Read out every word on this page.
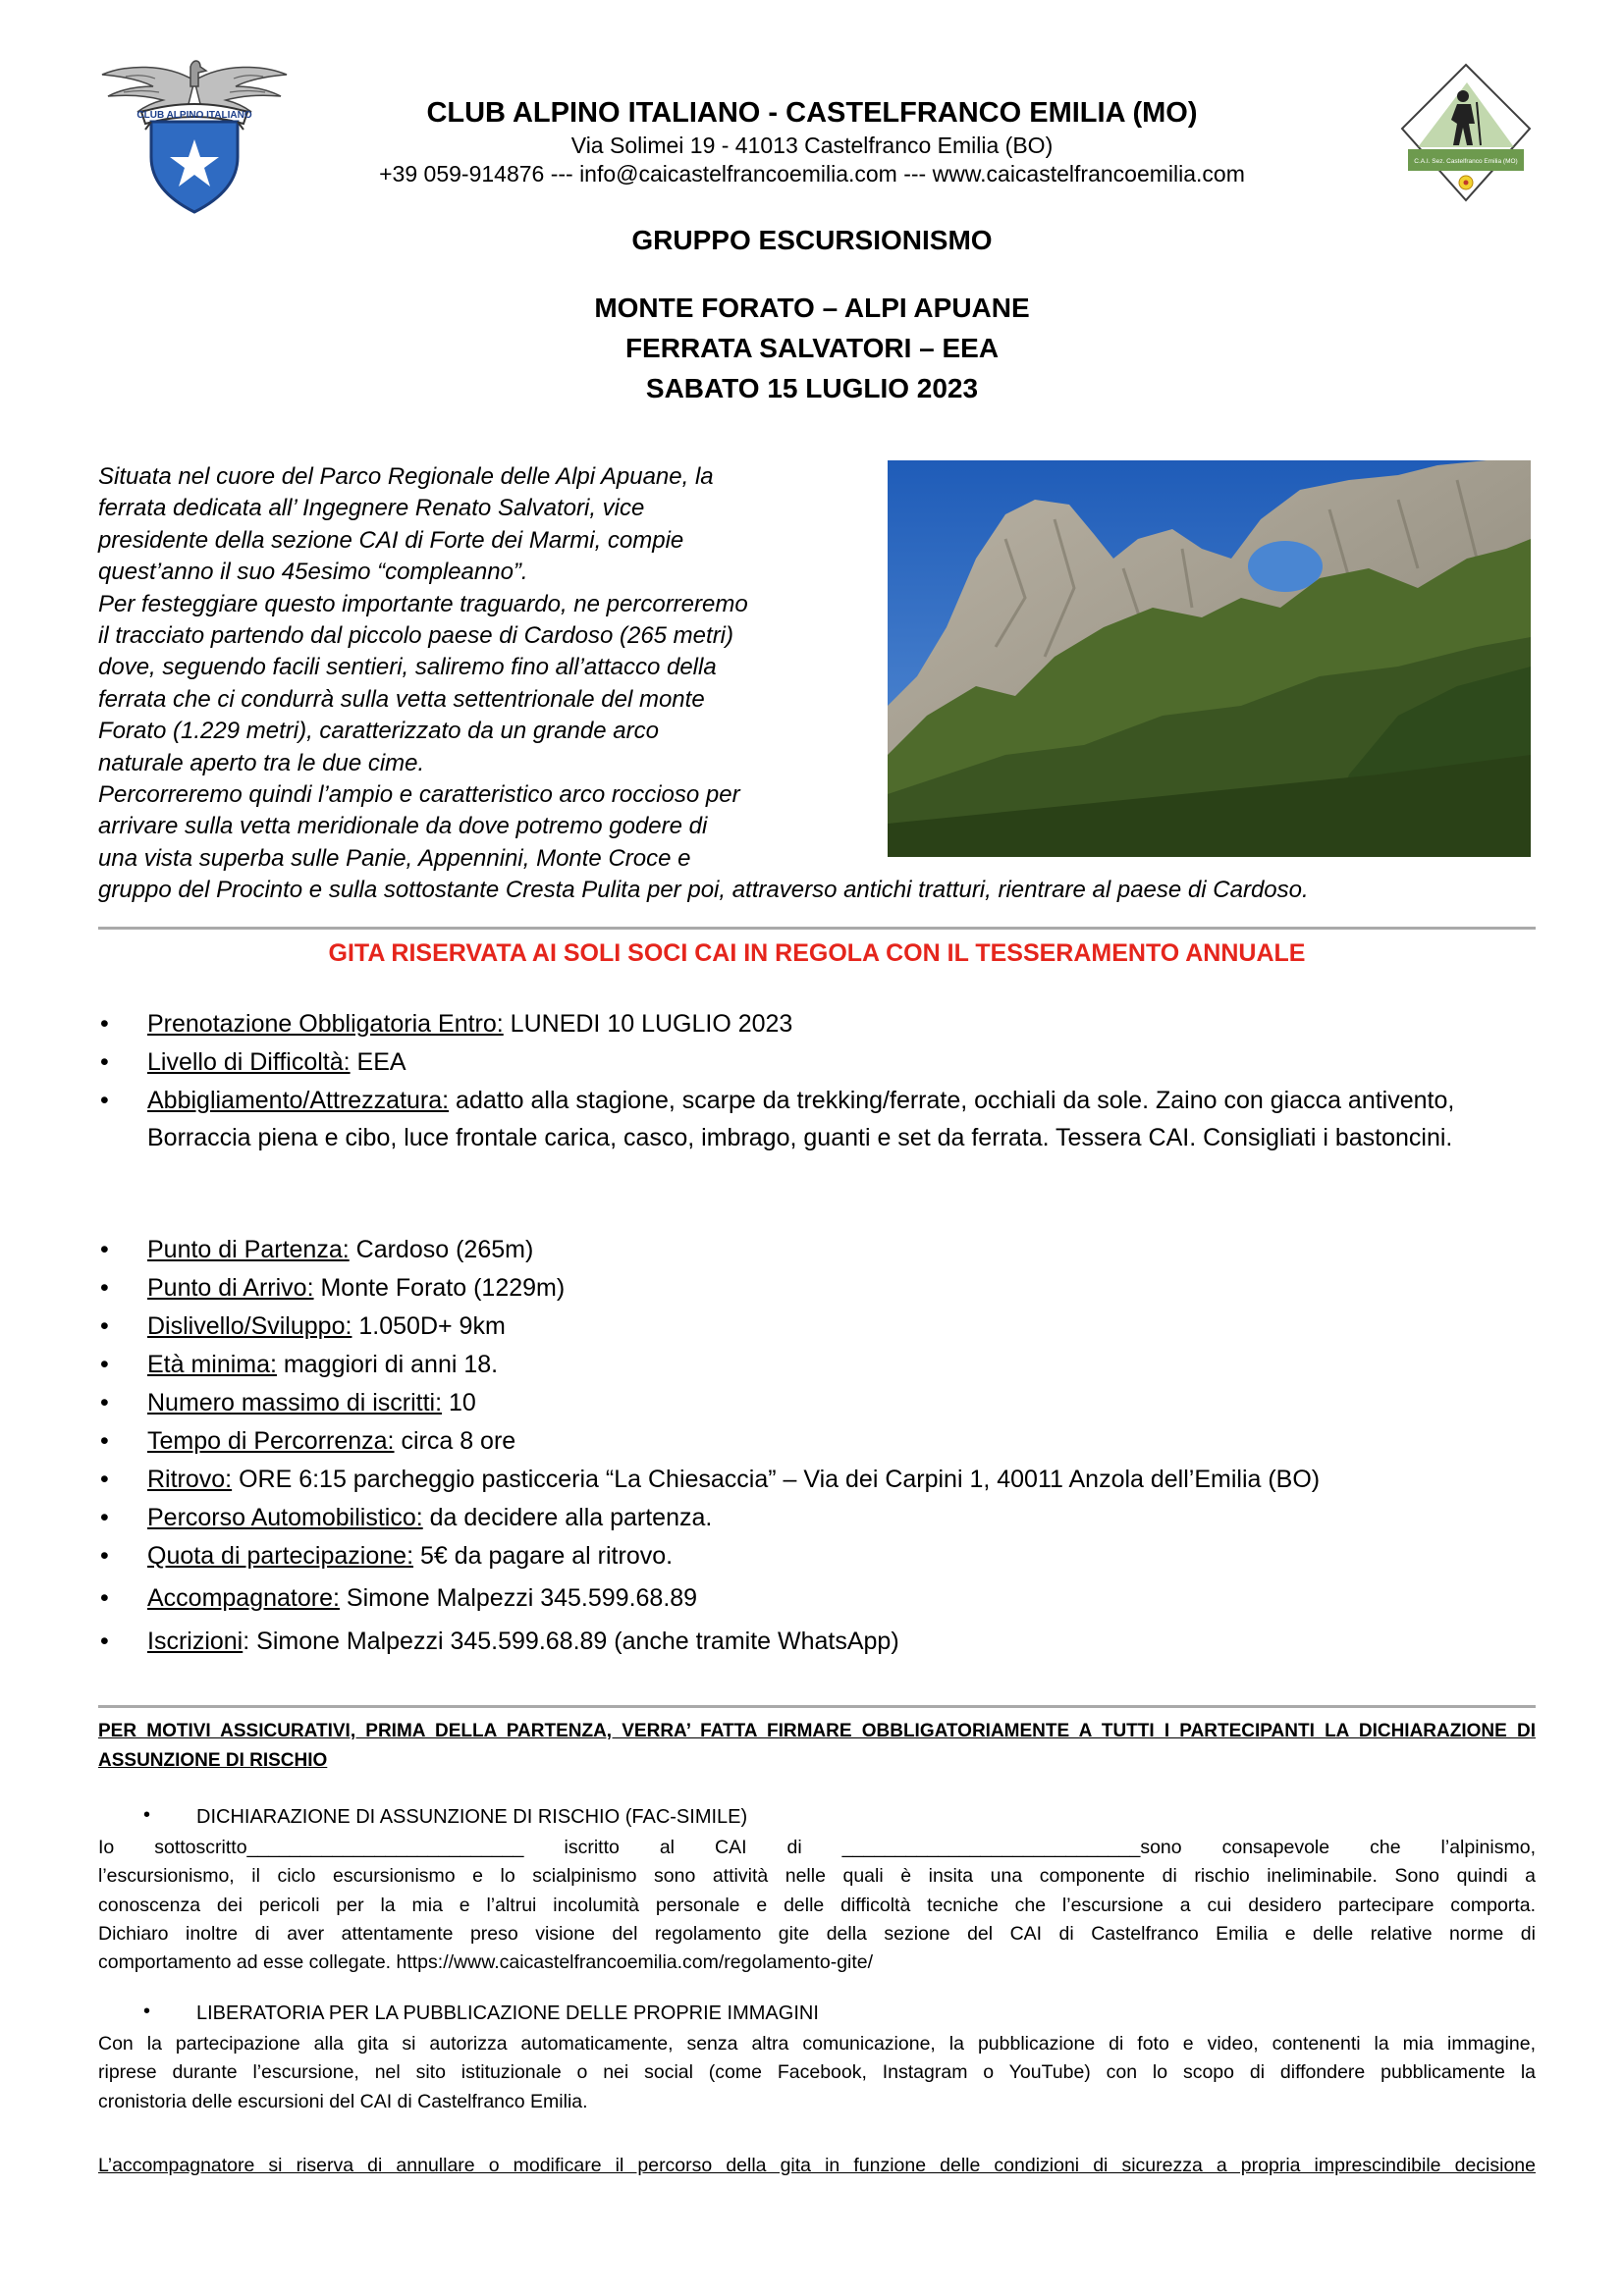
CLUB ALPINO ITALIANO	CLUB ALPINO ITALIANO - CASTELFRANCO EMILIA (MO)
Via Solimei 19 - 41013 Castelfranco Emilia (BO)
+39 059-914876 --- info@caicastelfrancoemilia.com --- www.caicastelfrancoemilia.com	C.A.I. Sez. Castelfranco Emilia (MO)
GRUPPO ESCURSIONISMO
MONTE FORATO – ALPI APUANE
FERRATA SALVATORI – EEA
SABATO 15 LUGLIO 2023
Situata nel cuore del Parco Regionale delle Alpi Apuane, la
ferrata dedicata all’ Ingegnere Renato Salvatori, vice
presidente della sezione CAI di Forte dei Marmi, compie
quest’anno il suo 45esimo “compleanno”.
Per festeggiare questo importante traguardo, ne percorreremo
il tracciato partendo dal piccolo paese di Cardoso (265 metri)
dove, seguendo facili sentieri, saliremo fino all’attacco della
ferrata che ci condurrà sulla vetta settentrionale del monte
Forato (1.229 metri), caratterizzato da un grande arco
naturale aperto tra le due cime.
Percorreremo quindi l’ampio e caratteristico arco roccioso per
arrivare sulla vetta meridionale da dove potremo godere di
una vista superba sulle Panie, Appennini, Monte Croce e
gruppo del Procinto e sulla sottostante Cresta Pulita per poi, attraverso antichi tratturi, rientrare al paese di Cardoso.
GITA RISERVATA AI SOLI SOCI CAI IN REGOLA CON IL TESSERAMENTO ANNUALE
• Prenotazione Obbligatoria Entro: LUNEDI 10 LUGLIO 2023
• Livello di Difficoltà: EEA
• Abbigliamento/Attrezzatura: adatto alla stagione, scarpe da trekking/ferrate, occhiali da sole. Zaino con giacca antivento, Borraccia piena e cibo, luce frontale carica, casco, imbrago, guanti e set da ferrata. Tessera CAI. Consigliati i bastoncini.
• Punto di Partenza: Cardoso (265m)
• Punto di Arrivo: Monte Forato (1229m)
• Dislivello/Sviluppo: 1.050D+ 9km
• Età minima: maggiori di anni 18.
• Numero massimo di iscritti: 10
• Tempo di Percorrenza: circa 8 ore
• Ritrovo: ORE 6:15 parcheggio pasticceria “La Chiesaccia” – Via dei Carpini 1, 40011 Anzola dell’Emilia (BO)
• Percorso Automobilistico: da decidere alla partenza.
• Quota di partecipazione: 5€ da pagare al ritrovo.
• Accompagnatore: Simone Malpezzi 345.599.68.89
• Iscrizioni: Simone Malpezzi 345.599.68.89 (anche tramite WhatsApp)
PER MOTIVI ASSICURATIVI, PRIMA DELLA PARTENZA, VERRA’ FATTA FIRMARE OBBLIGATORIAMENTE A TUTTI I PARTECIPANTI LA DICHIARAZIONE DI ASSUNZIONE DI RISCHIO
• DICHIARAZIONE DI ASSUNZIONE DI RISCHIO (FAC-SIMILE)
Io sottoscritto__________________________ iscritto al CAI di ____________________________sono consapevole che l’alpinismo,
l’escursionismo, il ciclo escursionismo e lo scialpinismo sono attività nelle quali è insita una componente di rischio ineliminabile. Sono quindi a
conoscenza dei pericoli per la mia e l’altrui incolumità personale e delle difficoltà tecniche che l’escursione a cui desidero partecipare comporta.
Dichiaro inoltre di aver attentamente preso visione del regolamento gite della sezione del CAI di Castelfranco Emilia e delle relative norme di
comportamento ad esse collegate. https://www.caicastelfrancoemilia.com/regolamento-gite/
• LIBERATORIA PER LA PUBBLICAZIONE DELLE PROPRIE IMMAGINI
Con la partecipazione alla gita si autorizza automaticamente, senza altra comunicazione, la pubblicazione di foto e video, contenenti la mia immagine,
riprese durante l’escursione, nel sito istituzionale o nei social (come Facebook, Instagram o YouTube) con lo scopo di diffondere pubblicamente la
cronistoria delle escursioni del CAI di Castelfranco Emilia.
L’accompagnatore si riserva di annullare o modificare il percorso della gita in funzione delle condizioni di sicurezza a propria imprescindibile decisione
